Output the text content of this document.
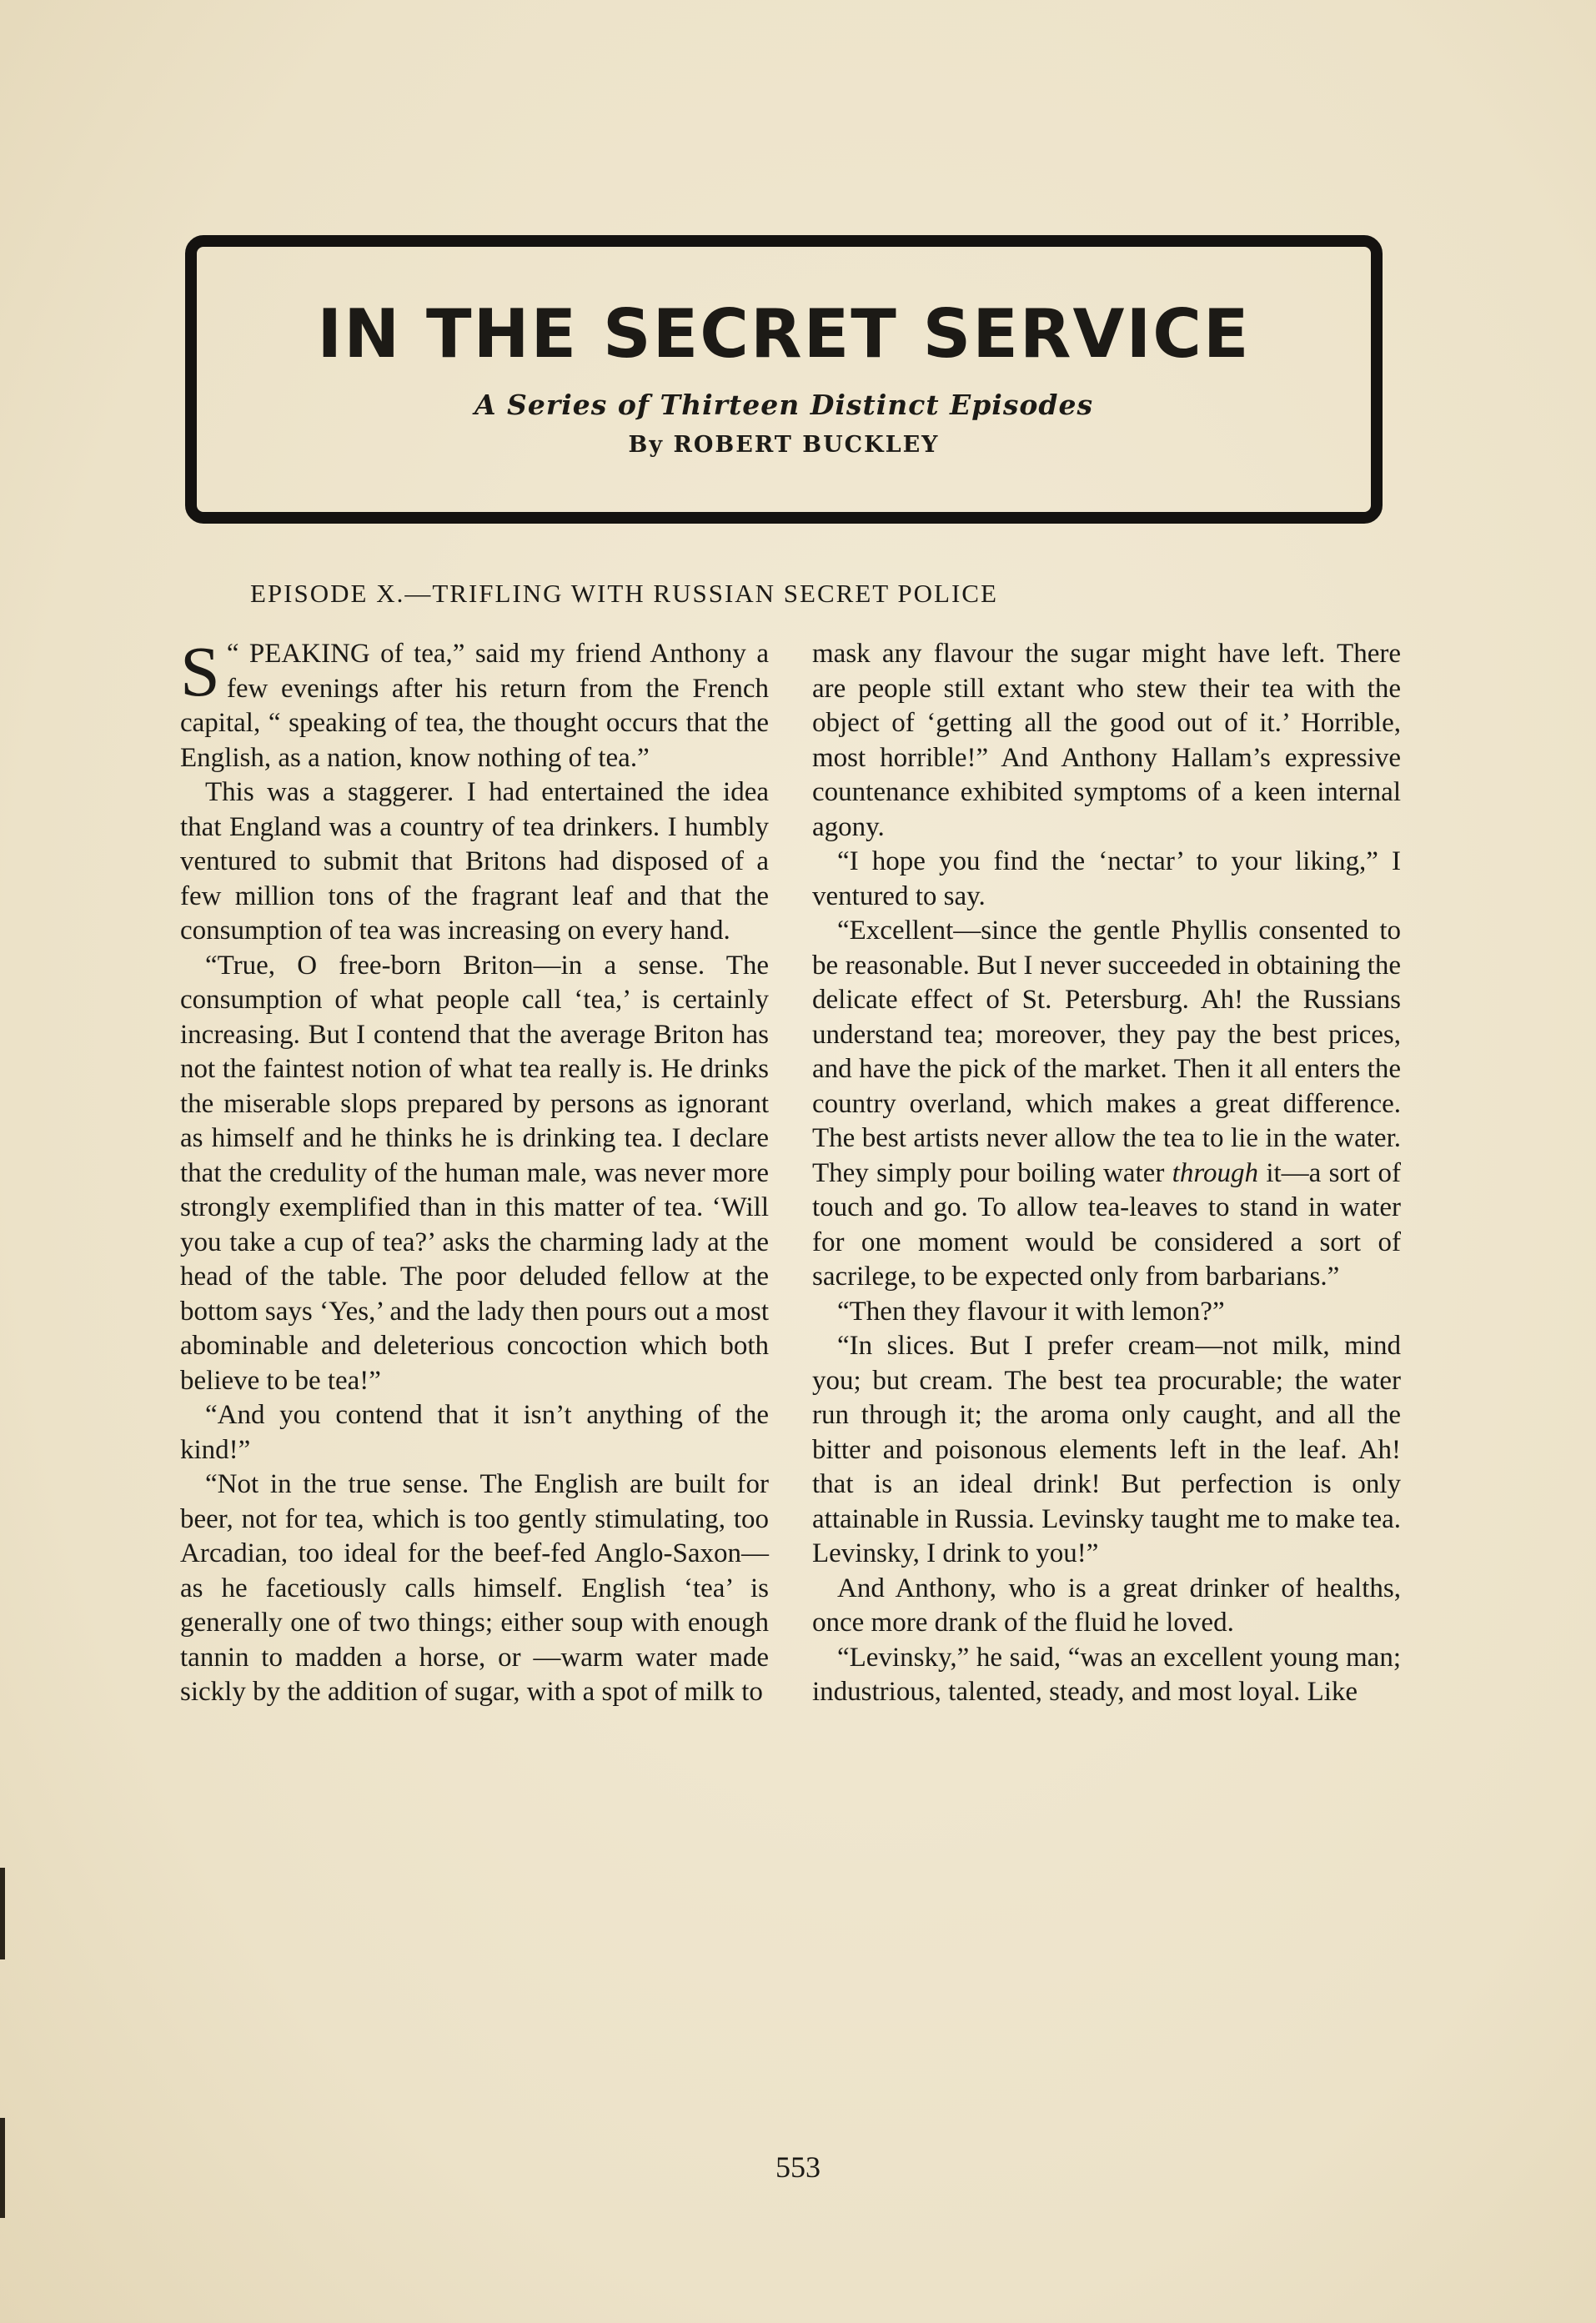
IN THE SECRET SERVICE
A Series of Thirteen Distinct Episodes
By ROBERT BUCKLEY
EPISODE X.—TRIFLING WITH RUSSIAN SECRET POLICE

“
S PEAKING of tea,” said my friend Anthony a few evenings after his return from the French capital, “ speaking of tea, the thought occurs that the English, as a nation, know nothing of tea.”

This was a staggerer. I had entertained the idea that England was a country of tea drinkers. I humbly ventured to submit that Britons had disposed of a few million tons of the fragrant leaf and that the consumption of tea was increasing on every hand.

“True, O free-born Briton—in a sense. The consumption of what people call ‘tea,’ is certainly increasing. But I contend that the average Briton has not the faintest notion of what tea really is. He drinks the miserable slops prepared by persons as ignorant as himself and he thinks he is drinking tea. I declare that the credulity of the human male, was never more strongly exemplified than in this matter of tea. ‘Will you take a cup of tea?’ asks the charming lady at the head of the table. The poor deluded fellow at the bottom says ‘Yes,’ and the lady then pours out a most abominable and deleterious concoction which both believe to be tea!”

“And you contend that it isn’t anything of the kind!”

“Not in the true sense. The English are built for beer, not for tea, which is too gently stimulating, too Arcadian, too ideal for the beef-fed Anglo-Saxon—as he facetiously calls himself. English ‘tea’ is generally one of two things; either soup with enough tannin to madden a horse, or —warm water made sickly by the addition of sugar, with a spot of milk to

mask any flavour the sugar might have left. There are people still extant who stew their tea with the object of ‘getting all the good out of it.’ Horrible, most horrible!” And Anthony Hallam’s expressive countenance exhibited symptoms of a keen internal agony.

“I hope you find the ‘nectar’ to your liking,” I ventured to say.

“Excellent—since the gentle Phyllis consented to be reasonable. But I never succeeded in obtaining the delicate effect of St. Petersburg. Ah! the Russians understand tea; moreover, they pay the best prices, and have the pick of the market. Then it all enters the country overland, which makes a great difference. The best artists never allow the tea to lie in the water. They simply pour boiling water through it—a sort of touch and go. To allow tea-leaves to stand in water for one moment would be considered a sort of sacrilege, to be expected only from barbarians.”

“Then they flavour it with lemon?”

“In slices. But I prefer cream—not milk, mind you; but cream. The best tea procurable; the water run through it; the aroma only caught, and all the bitter and poisonous elements left in the leaf. Ah! that is an ideal drink! But perfection is only attainable in Russia. Levinsky taught me to make tea. Levinsky, I drink to you!”

And Anthony, who is a great drinker of healths, once more drank of the fluid he loved.

“Levinsky,” he said, “was an excellent young man; industrious, talented, steady, and most loyal. Like

553
